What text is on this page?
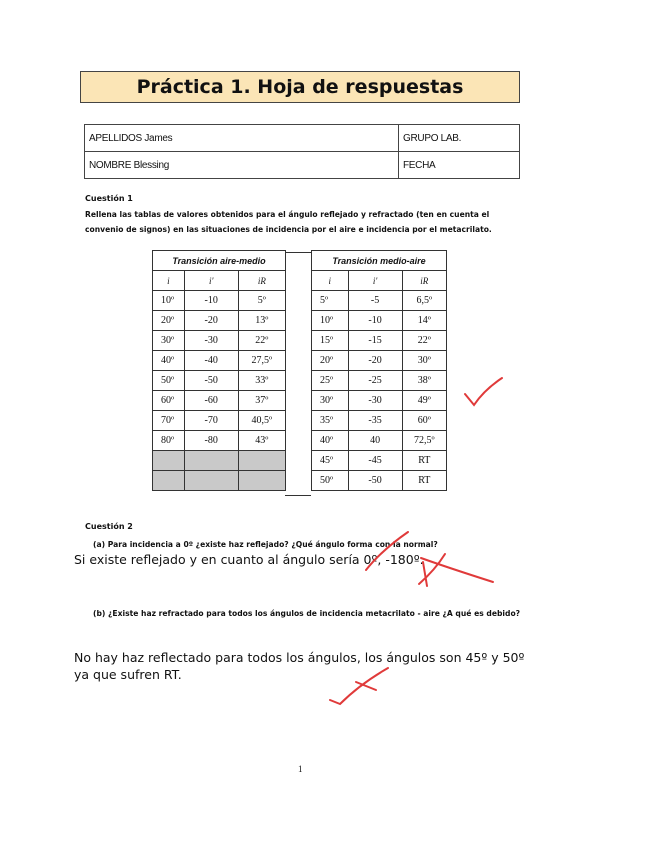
Práctica 1. Hoja de respuestas
APELLIDOS James	GRUPO LAB.
NOMBRE Blessing	FECHA
Cuestión 1
Rellena las tablas de valores obtenidos para el ángulo reflejado y refractado (ten en cuenta el convenio de signos) en las situaciones de incidencia por el aire e incidencia por el metacrilato.
Transición aire-medio		
i	i'	iR
10º	-10	5º
20º	-20	13º
30º	-30	22º
40º	-40	27,5º
50º	-50	33º
60º	-60	37º
70º	-70	40,5º
80º	-80	43º

Transición medio-aire		
i	i'	iR
5º	-5	6,5º
10º	-10	14º
15º	-15	22º
20º	-20	30º
25º	-25	38º
30º	-30	49º
35º	-35	60º
40º	40	72,5º
45º	-45	RT
50º	-50	RT
Cuestión 2
(a) Para incidencia a 0º ¿existe haz reflejado? ¿Qué ángulo forma con la normal?
Si existe reflejado y en cuanto al ángulo sería 0º, -180º.
(b) ¿Existe haz refractado para todos los ángulos de incidencia metacrilato - aire ¿A qué es debido?
No hay haz reflectado para todos los ángulos, los ángulos son 45º y 50º ya que sufren RT.
1
